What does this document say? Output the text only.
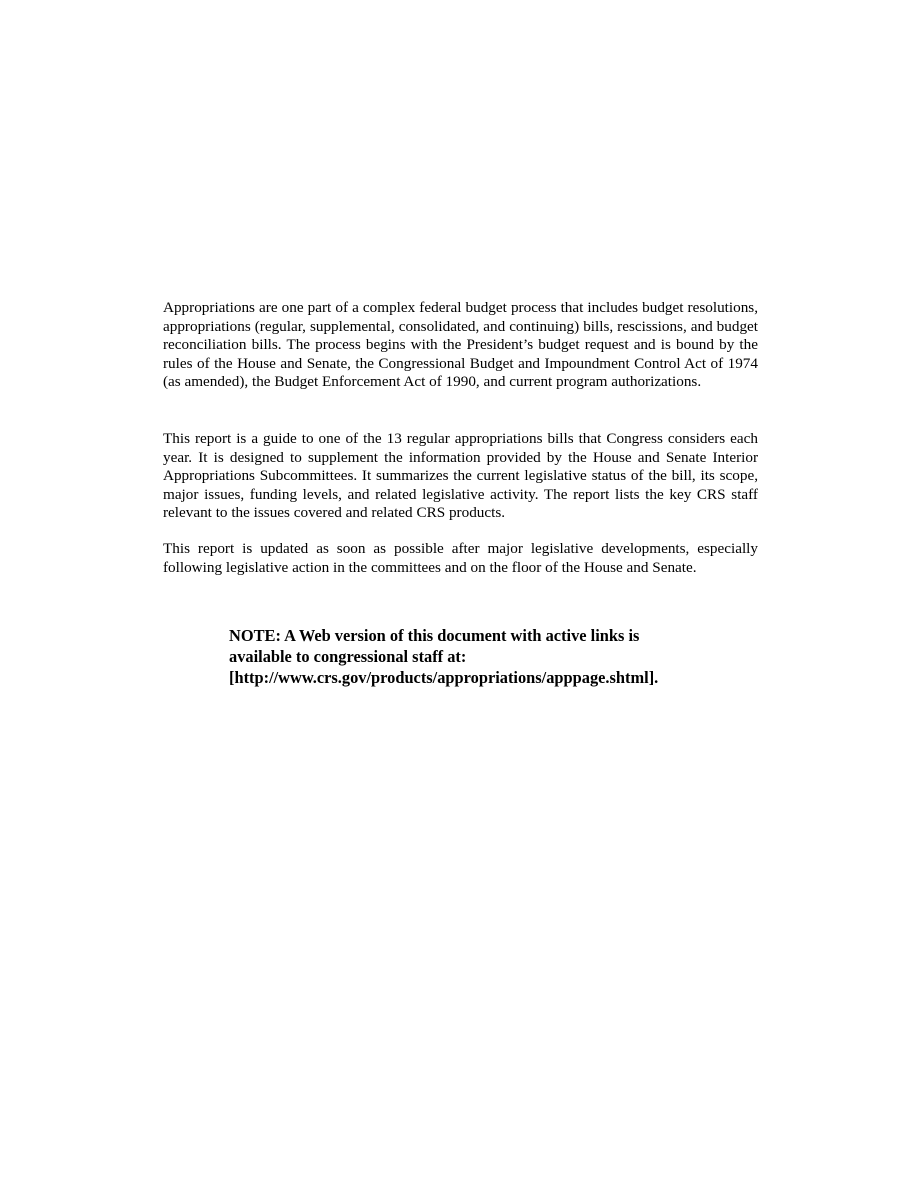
Appropriations are one part of a complex federal budget process that includes budget resolutions, appropriations (regular, supplemental, consolidated, and continuing) bills, rescissions, and budget reconciliation bills. The process begins with the President’s budget request and is bound by the rules of the House and Senate, the Congressional Budget and Impoundment Control Act of 1974 (as amended), the Budget Enforcement Act of 1990, and current program authorizations.

This report is a guide to one of the 13 regular appropriations bills that Congress considers each year. It is designed to supplement the information provided by the House and Senate Interior Appropriations Subcommittees. It summarizes the current legislative status of the bill, its scope, major issues, funding levels, and related legislative activity. The report lists the key CRS staff relevant to the issues covered and related CRS products.

This report is updated as soon as possible after major legislative developments, especially following legislative action in the committees and on the floor of the House and Senate.

NOTE: A Web version of this document with active links is
available to congressional staff at:
[http://www.crs.gov/products/appropriations/apppage.shtml].
